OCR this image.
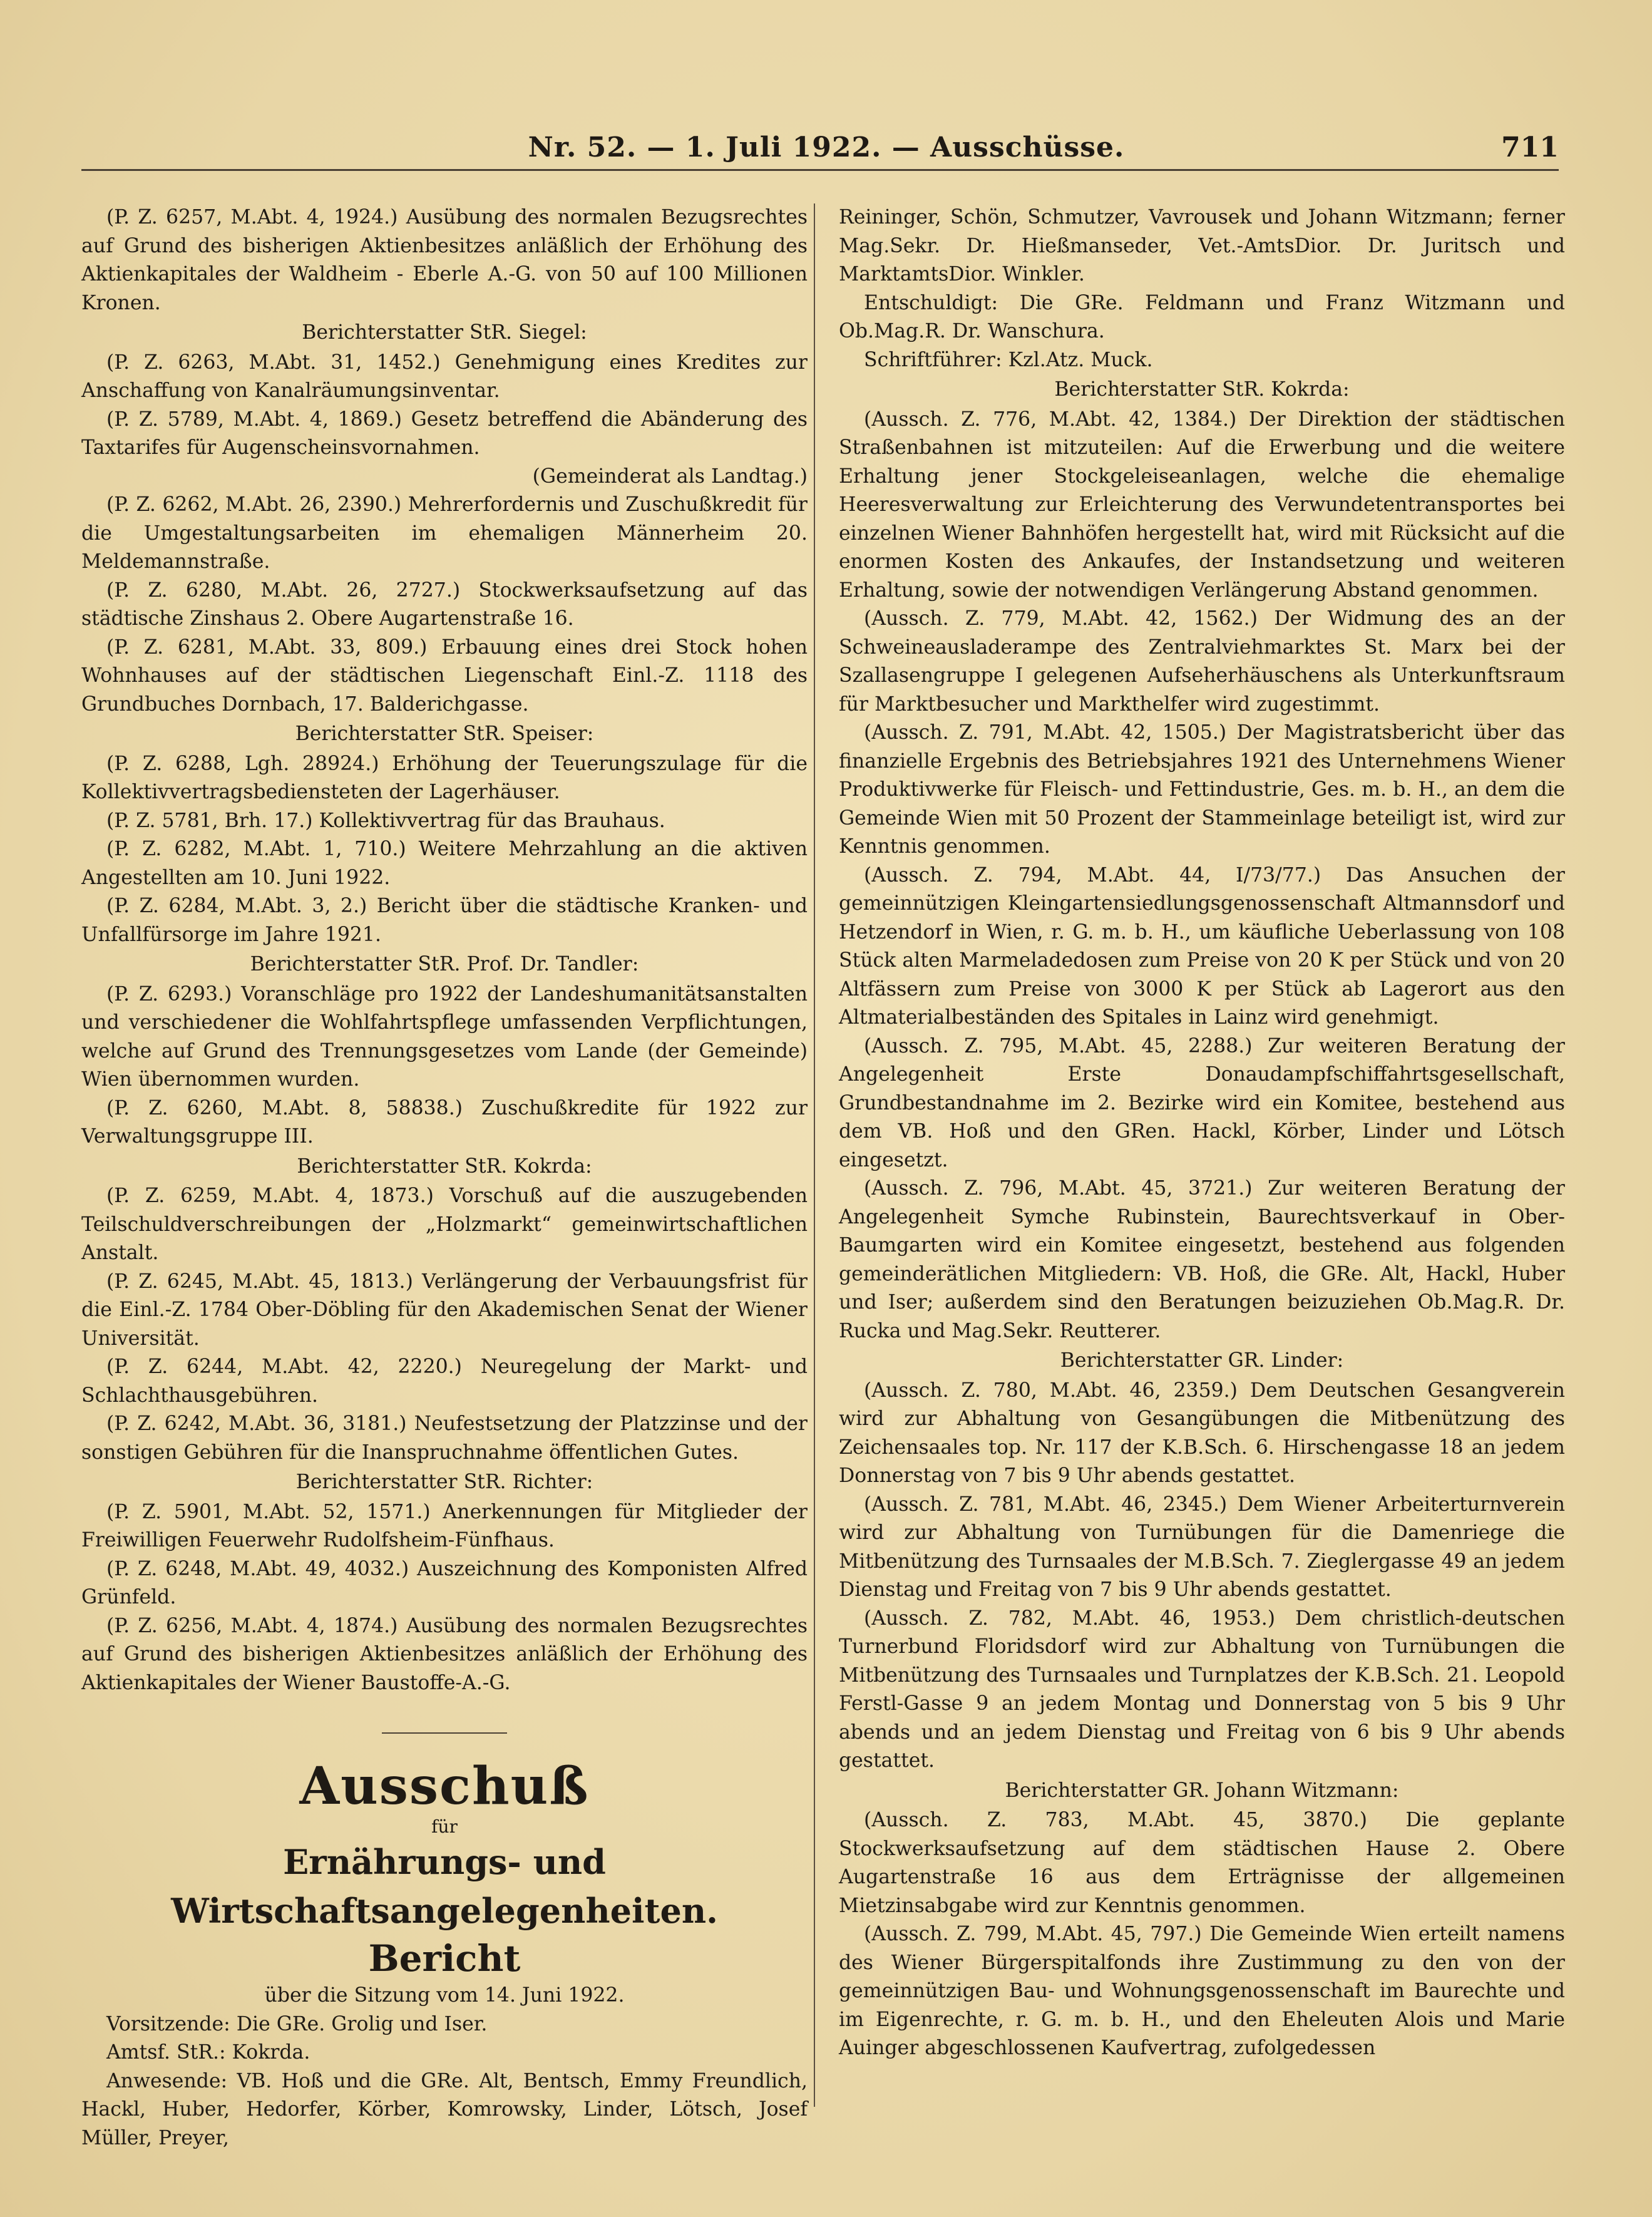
Nr. 52. — 1. Juli 1922. — Ausschüsse.	711

(P. Z. 6257, M.Abt. 4, 1924.) Ausübung des normalen Bezugsrechtes auf Grund des bisherigen Aktienbesitzes anläßlich der Erhöhung des Aktienkapitales der Waldheim - Eberle A.-G. von 50 auf 100 Millionen Kronen.

Berichterstatter StR. Siegel:

(P. Z. 6263, M.Abt. 31, 1452.) Genehmigung eines Kredites zur Anschaffung von Kanalräumungsinventar.

(P. Z. 5789, M.Abt. 4, 1869.) Gesetz betreffend die Abänderung des Taxtarifes für Augenscheinsvornahmen.

(Gemeinderat als Landtag.)

(P. Z. 6262, M.Abt. 26, 2390.) Mehrerfordernis und Zuschußkredit für die Umgestaltungsarbeiten im ehemaligen Männerheim 20. Meldemannstraße.

(P. Z. 6280, M.Abt. 26, 2727.) Stockwerksaufsetzung auf das städtische Zinshaus 2. Obere Augartenstraße 16.

(P. Z. 6281, M.Abt. 33, 809.) Erbauung eines drei Stock hohen Wohnhauses auf der städtischen Liegenschaft Einl.-Z. 1118 des Grundbuches Dornbach, 17. Balderichgasse.

Berichterstatter StR. Speiser:

(P. Z. 6288, Lgh. 28924.) Erhöhung der Teuerungszulage für die Kollektivvertragsbediensteten der Lagerhäuser.

(P. Z. 5781, Brh. 17.) Kollektivvertrag für das Brauhaus.

(P. Z. 6282, M.Abt. 1, 710.) Weitere Mehrzahlung an die aktiven Angestellten am 10. Juni 1922.

(P. Z. 6284, M.Abt. 3, 2.) Bericht über die städtische Kranken- und Unfallfürsorge im Jahre 1921.

Berichterstatter StR. Prof. Dr. Tandler:

(P. Z. 6293.) Voranschläge pro 1922 der Landeshumanitätsanstalten und verschiedener die Wohlfahrtspflege umfassenden Verpflichtungen, welche auf Grund des Trennungsgesetzes vom Lande (der Gemeinde) Wien übernommen wurden.

(P. Z. 6260, M.Abt. 8, 58838.) Zuschußkredite für 1922 zur Verwaltungsgruppe III.

Berichterstatter StR. Kokrda:

(P. Z. 6259, M.Abt. 4, 1873.) Vorschuß auf die auszugebenden Teilschuldverschreibungen der „Holzmarkt“ gemeinwirtschaftlichen Anstalt.

(P. Z. 6245, M.Abt. 45, 1813.) Verlängerung der Verbauungsfrist für die Einl.-Z. 1784 Ober-Döbling für den Akademischen Senat der Wiener Universität.

(P. Z. 6244, M.Abt. 42, 2220.) Neuregelung der Markt- und Schlachthausgebühren.

(P. Z. 6242, M.Abt. 36, 3181.) Neufestsetzung der Platzzinse und der sonstigen Gebühren für die Inanspruchnahme öffentlichen Gutes.

Berichterstatter StR. Richter:

(P. Z. 5901, M.Abt. 52, 1571.) Anerkennungen für Mitglieder der Freiwilligen Feuerwehr Rudolfsheim-Fünfhaus.

(P. Z. 6248, M.Abt. 49, 4032.) Auszeichnung des Komponisten Alfred Grünfeld.

(P. Z. 6256, M.Abt. 4, 1874.) Ausübung des normalen Bezugsrechtes auf Grund des bisherigen Aktienbesitzes anläßlich der Erhöhung des Aktienkapitales der Wiener Baustoffe-A.-G.

Ausschuß
für
Ernährungs- und Wirtschaftsangelegenheiten.
Bericht

über die Sitzung vom 14. Juni 1922.

Vorsitzende: Die GRe. Grolig und Iser.

Amtsf. StR.: Kokrda.

Anwesende: VB. Hoß und die GRe. Alt, Bentsch, Emmy Freundlich, Hackl, Huber, Hedorfer, Körber, Komrowsky, Linder, Lötsch, Josef Müller, Preyer,

Reininger, Schön, Schmutzer, Vavrousek und Johann Witzmann; ferner Mag.Sekr. Dr. Hießmanseder, Vet.-AmtsDior. Dr. Juritsch und MarktamtsDior. Winkler.

Entschuldigt: Die GRe. Feldmann und Franz Witzmann und Ob.Mag.R. Dr. Wanschura.

Schriftführer: Kzl.Atz. Muck.

Berichterstatter StR. Kokrda:

(Aussch. Z. 776, M.Abt. 42, 1384.) Der Direktion der städtischen Straßenbahnen ist mitzuteilen: Auf die Erwerbung und die weitere Erhaltung jener Stockgeleiseanlagen, welche die ehemalige Heeresverwaltung zur Erleichterung des Verwundetentransportes bei einzelnen Wiener Bahnhöfen hergestellt hat, wird mit Rücksicht auf die enormen Kosten des Ankaufes, der Instandsetzung und weiteren Erhaltung, sowie der notwendigen Verlängerung Abstand genommen.

(Aussch. Z. 779, M.Abt. 42, 1562.) Der Widmung des an der Schweineausladerampe des Zentralviehmarktes St. Marx bei der Szallasengruppe I gelegenen Aufseherhäuschens als Unterkunftsraum für Marktbesucher und Markthelfer wird zugestimmt.

(Aussch. Z. 791, M.Abt. 42, 1505.) Der Magistratsbericht über das finanzielle Ergebnis des Betriebsjahres 1921 des Unternehmens Wiener Produktivwerke für Fleisch- und Fettindustrie, Ges. m. b. H., an dem die Gemeinde Wien mit 50 Prozent der Stammeinlage beteiligt ist, wird zur Kenntnis genommen.

(Aussch. Z. 794, M.Abt. 44, I/73/77.) Das Ansuchen der gemeinnützigen Kleingartensiedlungsgenossenschaft Altmannsdorf und Hetzendorf in Wien, r. G. m. b. H., um käufliche Ueberlassung von 108 Stück alten Marmeladedosen zum Preise von 20 K per Stück und von 20 Altfässern zum Preise von 3000 K per Stück ab Lagerort aus den Altmaterialbeständen des Spitales in Lainz wird genehmigt.

(Aussch. Z. 795, M.Abt. 45, 2288.) Zur weiteren Beratung der Angelegenheit Erste Donaudampfschiffahrtsgesellschaft, Grundbestandnahme im 2. Bezirke wird ein Komitee, bestehend aus dem VB. Hoß und den GRen. Hackl, Körber, Linder und Lötsch eingesetzt.

(Aussch. Z. 796, M.Abt. 45, 3721.) Zur weiteren Beratung der Angelegenheit Symche Rubinstein, Baurechtsverkauf in Ober-Baumgarten wird ein Komitee eingesetzt, bestehend aus folgenden gemeinderätlichen Mitgliedern: VB. Hoß, die GRe. Alt, Hackl, Huber und Iser; außerdem sind den Beratungen beizuziehen Ob.Mag.R. Dr. Rucka und Mag.Sekr. Reutterer.

Berichterstatter GR. Linder:

(Aussch. Z. 780, M.Abt. 46, 2359.) Dem Deutschen Gesangverein wird zur Abhaltung von Gesangübungen die Mitbenützung des Zeichensaales top. Nr. 117 der K.B.Sch. 6. Hirschengasse 18 an jedem Donnerstag von 7 bis 9 Uhr abends gestattet.

(Aussch. Z. 781, M.Abt. 46, 2345.) Dem Wiener Arbeiterturnverein wird zur Abhaltung von Turnübungen für die Damenriege die Mitbenützung des Turnsaales der M.B.Sch. 7. Zieglergasse 49 an jedem Dienstag und Freitag von 7 bis 9 Uhr abends gestattet.

(Aussch. Z. 782, M.Abt. 46, 1953.) Dem christlich-deutschen Turnerbund Floridsdorf wird zur Abhaltung von Turnübungen die Mitbenützung des Turnsaales und Turnplatzes der K.B.Sch. 21. Leopold Ferstl-Gasse 9 an jedem Montag und Donnerstag von 5 bis 9 Uhr abends und an jedem Dienstag und Freitag von 6 bis 9 Uhr abends gestattet.

Berichterstatter GR. Johann Witzmann:

(Aussch. Z. 783, M.Abt. 45, 3870.) Die geplante Stockwerksaufsetzung auf dem städtischen Hause 2. Obere Augartenstraße 16 aus dem Erträgnisse der allgemeinen Mietzinsabgabe wird zur Kenntnis genommen.

(Aussch. Z. 799, M.Abt. 45, 797.) Die Gemeinde Wien erteilt namens des Wiener Bürgerspitalfonds ihre Zustimmung zu den von der gemeinnützigen Bau- und Wohnungsgenossenschaft im Baurechte und im Eigenrechte, r. G. m. b. H., und den Eheleuten Alois und Marie Auinger abgeschlossenen Kaufvertrag, zufolgedessen
